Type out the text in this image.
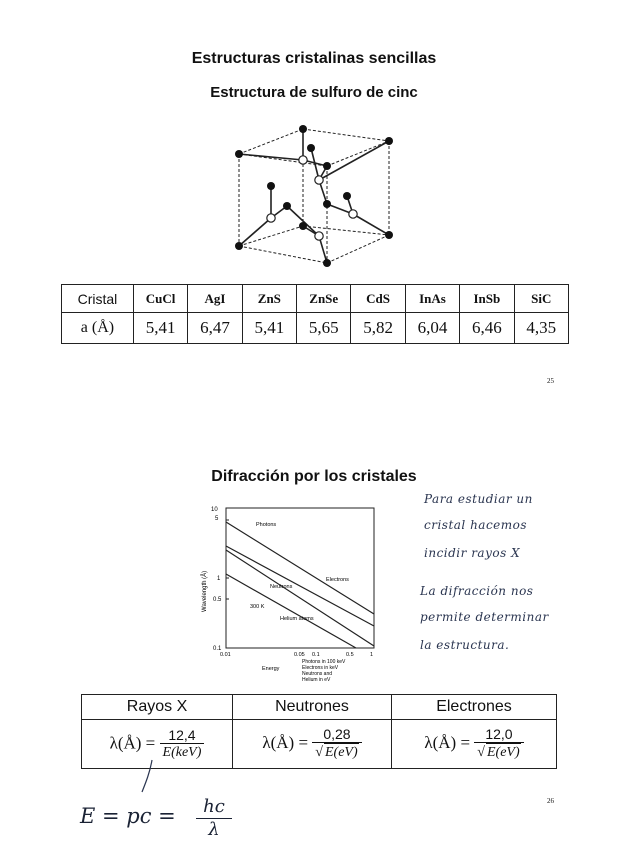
Estructuras cristalinas sencillas
Estructura de sulfuro de cinc
Cristal	CuCl	AgI	ZnS	ZnSe	CdS	InAs	InSb	SiC
a (Å)	5,41	6,47	5,41	5,65	5,82	6,04	6,46	4,35
25
Difracción por los cristales
5
10
1
0.5
0.1
Wavelength (Å)
Photons
Electrons
Neutrons
300 K
Helium atoms
0.01	0.05 0.1	0.5	1
Energy
Photons in 100 keV
Electrons in keV
Neutrons and
Helium in eV
Para estudiar un
cristal hacemos
incidir rayos X
La difracción nos
permite determinar
la estructura.
Rayos X	Neutrones	Electrones
λ(Å) = $\frac{12,4}{\text{E(keV)}}$	λ(Å) = $\frac{0,28}{√ E(eV)}$	λ(Å) = $\frac{12,0}{√ E(eV)}$
E = pc = $\frac{hc}{\lambda}$	26
